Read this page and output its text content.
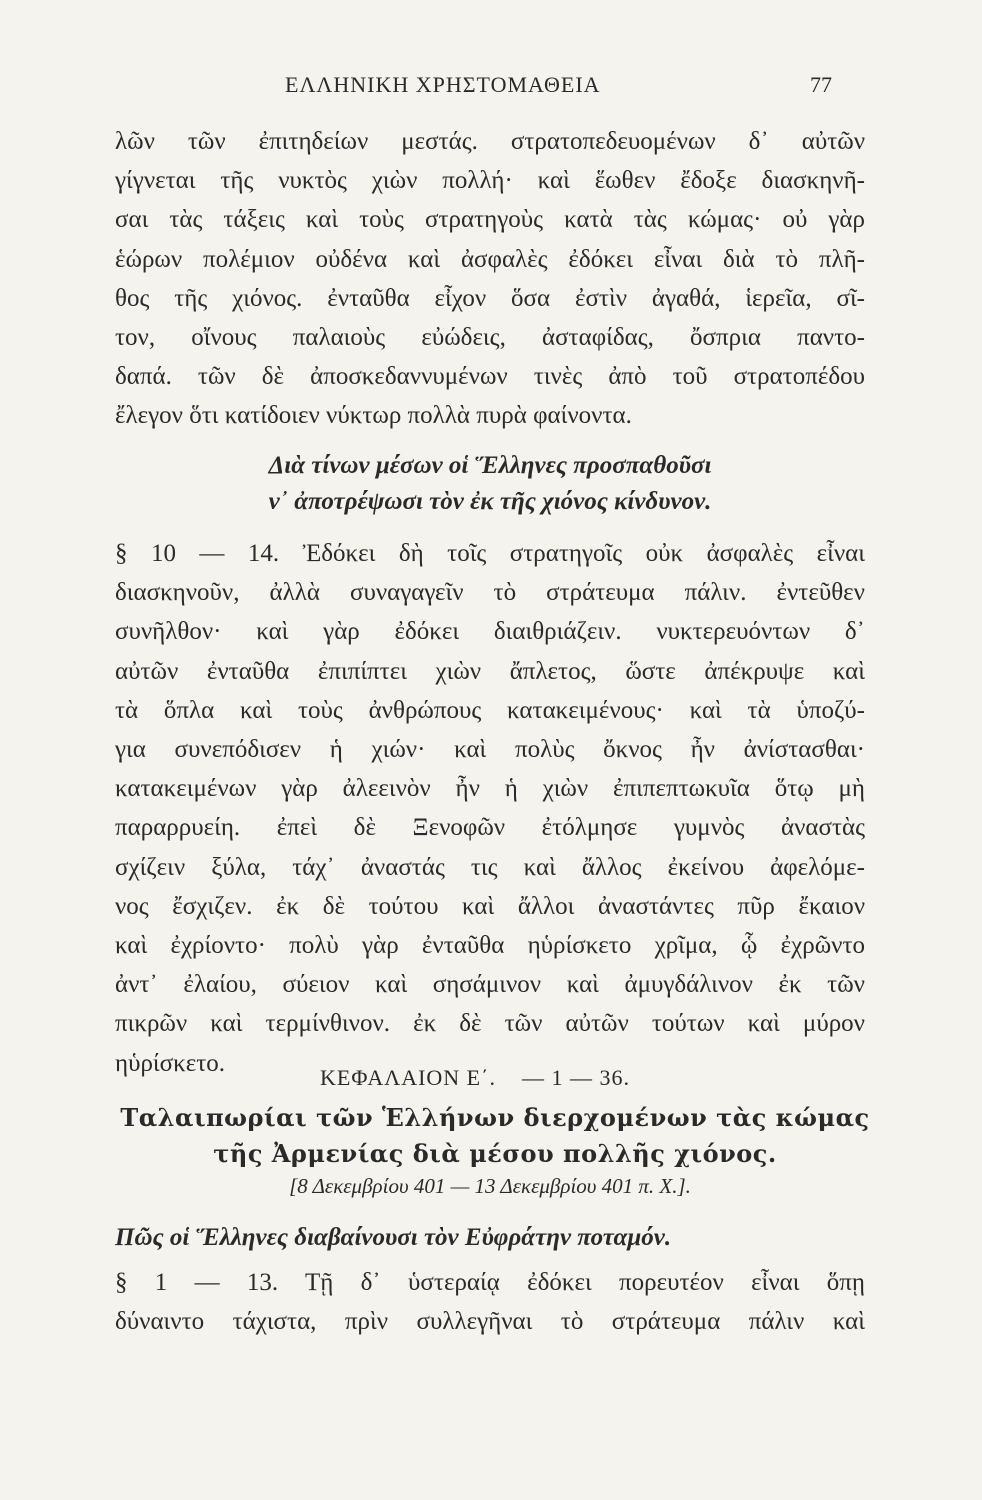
ΕΛΛΗΝΙΚΗ ΧΡΗΣΤΟΜΑΘΕΙΑ	77
λῶν τῶν ἐπιτηδείων μεστάς. στρατοπεδευομένων δ᾿ αὐτῶν
γίγνεται τῆς νυκτὸς χιὼν πολλή· καὶ ἕωθεν ἔδοξε διασκηνῆ-
σαι τὰς τάξεις καὶ τοὺς στρατηγοὺς κατὰ τὰς κώμας· οὐ γὰρ
ἑώρων πολέμιον οὐδένα καὶ ἀσφαλὲς ἐδόκει εἶναι διὰ τὸ πλῆ-
θος τῆς χιόνος. ἐνταῦθα εἶχον ὅσα ἐστὶν ἀγαθά, ἱερεῖα, σῖ-
τον, οἴνους παλαιοὺς εὐώδεις, ἀσταφίδας, ὄσπρια παντο-
δαπά. τῶν δὲ ἀποσκεδαννυμένων τινὲς ἀπὸ τοῦ στρατοπέδου
ἔλεγον ὅτι κατίδοιεν νύκτωρ πολλὰ πυρὰ φαίνοντα.
Διὰ τίνων μέσων οἱ Ἕλληνες προσπαθοῦσι
ν᾿ ἀποτρέψωσι τὸν ἐκ τῆς χιόνος κίνδυνον.
§ 10 — 14. Ἐδόκει δὴ τοῖς στρατηγοῖς οὐκ ἀσφαλὲς εἶναι
διασκηνοῦν, ἀλλὰ συναγαγεῖν τὸ στράτευμα πάλιν. ἐντεῦθεν
συνῆλθον· καὶ γὰρ ἐδόκει διαιθριάζειν. νυκτερευόντων δ᾿
αὐτῶν ἐνταῦθα ἐπιπίπτει χιὼν ἄπλετος, ὥστε ἀπέκρυψε καὶ
τὰ ὅπλα καὶ τοὺς ἀνθρώπους κατακειμένους· καὶ τὰ ὑποζύ-
για συνεπόδισεν ἡ χιών· καὶ πολὺς ὄκνος ἦν ἀνίστασθαι·
κατακειμένων γὰρ ἀλεεινὸν ἦν ἡ χιὼν ἐπιπεπτωκυῖα ὅτῳ μὴ
παραρρυείη. ἐπεὶ δὲ Ξενοφῶν ἐτόλμησε γυμνὸς ἀναστὰς
σχίζειν ξύλα, τάχ᾿ ἀναστάς τις καὶ ἄλλος ἐκείνου ἀφελόμε-
νος ἔσχιζεν. ἐκ δὲ τούτου καὶ ἄλλοι ἀναστάντες πῦρ ἔκαιον
καὶ ἐχρίοντο· πολὺ γὰρ ἐνταῦθα ηὑρίσκετο χρῖμα, ᾧ ἐχρῶντο
ἀντ᾿ ἐλαίου, σύειον καὶ σησάμινον καὶ ἀμυγδάλινον ἐκ τῶν
πικρῶν καὶ τερμίνθινον. ἐκ δὲ τῶν αὐτῶν τούτων καὶ μύρον
ηὑρίσκετο.
ΚΕΦΑΛΑΙΟΝ Ε΄. — 1 — 36.
Ταλαιπωρίαι τῶν Ἑλλήνων διερχομένων τὰς κώμας
τῆς Ἀρμενίας διὰ μέσου πολλῆς χιόνος.
[8 Δεκεμβρίου 401 — 13 Δεκεμβρίου 401 π. Χ.].
Πῶς οἱ Ἕλληνες διαβαίνουσι τὸν Εὐφράτην ποταμόν.
§ 1 — 13. Τῇ δ᾿ ὑστεραίᾳ ἐδόκει πορευτέον εἶναι ὅπῃ
δύναιντο τάχιστα, πρὶν συλλεγῆναι τὸ στράτευμα πάλιν καὶ
